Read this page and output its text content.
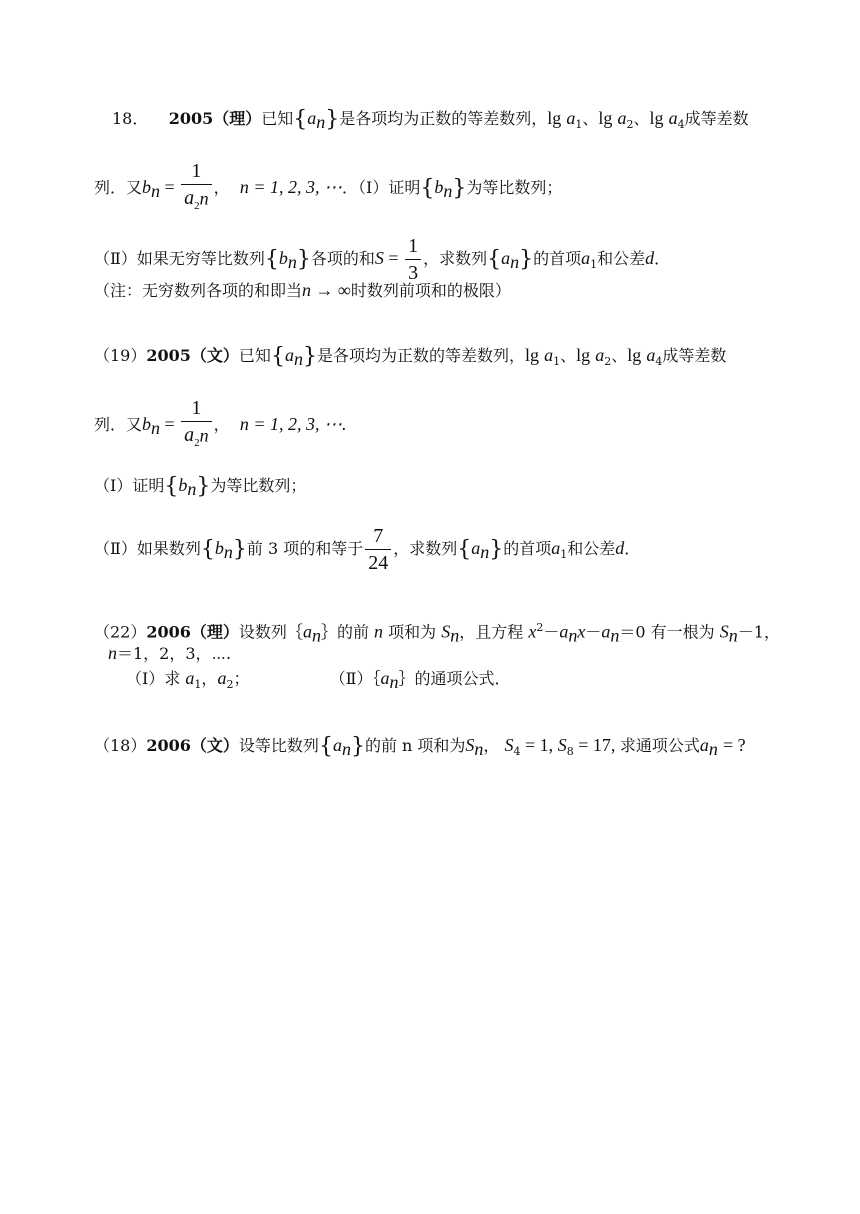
18． 2005（理）已知$\{a_n\}$是各项均为正数的等差数列，$\lg a_1$、$\lg a_2$、$\lg a_4$成等差数
列．又$b_n = \frac{1}{a_{2^n}}$ ， n = 1, 2, 3, ⋯．（Ⅰ）证明$\{b_n\}$为等比数列；
（Ⅱ）如果无穷等比数列$\{b_n\}$各项的和$S = \frac{1}{3}$ ，求数列$\{a_n\}$的首项$a_1$和公差d．
（注：无穷数列各项的和即当n → ∞时数列前项和的极限）
（19）2005（文）已知$\{a_n\}$是各项均为正数的等差数列，$\lg a_1$、$\lg a_2$、$\lg a_4$成等差数
列．又$b_n = \frac{1}{a_{2^n}}$ ， n = 1, 2, 3, ⋯.
（Ⅰ）证明$\{b_n\}$为等比数列；
（Ⅱ）如果数列$\{b_n\}$前 3 项的和等于 $\frac{7}{24}$ ，求数列$\{a_n\}$的首项$a_1$和公差d．
（22）2006（理）设数列$\{a_n\}$的前 n 项和为 $S_n$，且方程 $x^2-a_nx-a_n=0$ 有一根为 $S_n-1$，
n＝1，2，3，⋯.
（Ⅰ）求 $a_1$，$a_2$；	$(Ⅱ)\{a_n\}$的通项公式．
（18）2006（文）设等比数列$\{a_n\}$的前 n 项和为$S_n$， $S_4 = 1$, $S_8 = 17$, 求通项公式$a_n$ = ?
